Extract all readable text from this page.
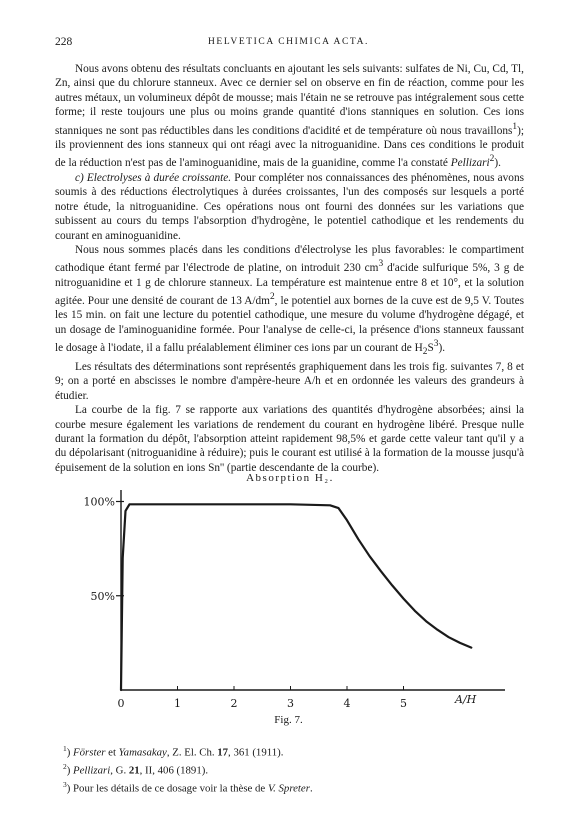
228	HELVETICA CHIMICA ACTA.

Nous avons obtenu des résultats concluants en ajoutant les sels suivants: sulfates de Ni, Cu, Cd, Tl, Zn, ainsi que du chlorure stanneux. Avec ce dernier sel on observe en fin de réaction, comme pour les autres métaux, un volumineux dépôt de mousse; mais l'étain ne se retrouve pas intégralement sous cette forme; il reste toujours une plus ou moins grande quantité d'ions stanniques en solution. Ces ions stanniques ne sont pas réductibles dans les conditions d'acidité et de température où nous travaillons$^1$); ils proviennent des ions stanneux qui ont réagi avec la nitroguanidine. Dans ces conditions le produit de la réduction n'est pas de l'aminoguanidine, mais de la guanidine, comme l'a constaté Pellizari$^2$).

c) Electrolyses à durée croissante. Pour compléter nos connaissances des phénomènes, nous avons soumis à des réductions électrolytiques à durées croissantes, l'un des composés sur lesquels a porté notre étude, la nitroguanidine. Ces opérations nous ont fourni des données sur les variations que subissent au cours du temps l'absorption d'hydrogène, le potentiel cathodique et les rendements du courant en aminoguanidine.

Nous nous sommes placés dans les conditions d'électrolyse les plus favorables: le compartiment cathodique étant fermé par l'électrode de platine, on introduit 230 $cm^3$ d'acide sulfurique 5%, 3 g de nitroguanidine et 1 g de chlorure stanneux. La température est maintenue entre 8 et 10°, et la solution agitée. Pour une densité de courant de 13 $A/dm^2$, le potentiel aux bornes de la cuve est de 9,5 V. Toutes les 15 min. on fait une lecture du potentiel cathodique, une mesure du volume d'hydrogène dégagé, et un dosage de l'aminoguanidine formée. Pour l'analyse de celle-ci, la présence d'ions stanneux faussant le dosage à l'iodate, il a fallu préalablement éliminer ces ions par un courant de $H_2S^3$).

Les résultats des déterminations sont représentés graphiquement dans les trois fig. suivantes 7, 8 et 9; on a porté en abscisses le nombre d'ampère-heure A/h et en ordonnée les valeurs des grandeurs à étudier.

La courbe de la fig. 7 se rapporte aux variations des quantités d'hydrogène absorbées; ainsi la courbe mesure également les variations de rendement du courant en hydrogène libéré. Presque nulle durant la formation du dépôt, l'absorption atteint rapidement 98,5% et garde cette valeur tant qu'il y a du dépolarisant (nitroguanidine à réduire); puis le courant est utilisé à la formation de la mousse jusqu'à épuisement de la solution en ions Sn'' (partie descendante de la courbe).

100%
50%
0	1	2	3	4	5	A/H
Absorption H₂.
Fig. 7.
$^1$) Förster et Yamasakay, Z. El. Ch. 17, 361 (1911).
$^2$) Pellizari, G. 21, II, 406 (1891).
$^3$) Pour les détails de ce dosage voir la thèse de V. Spreter.
